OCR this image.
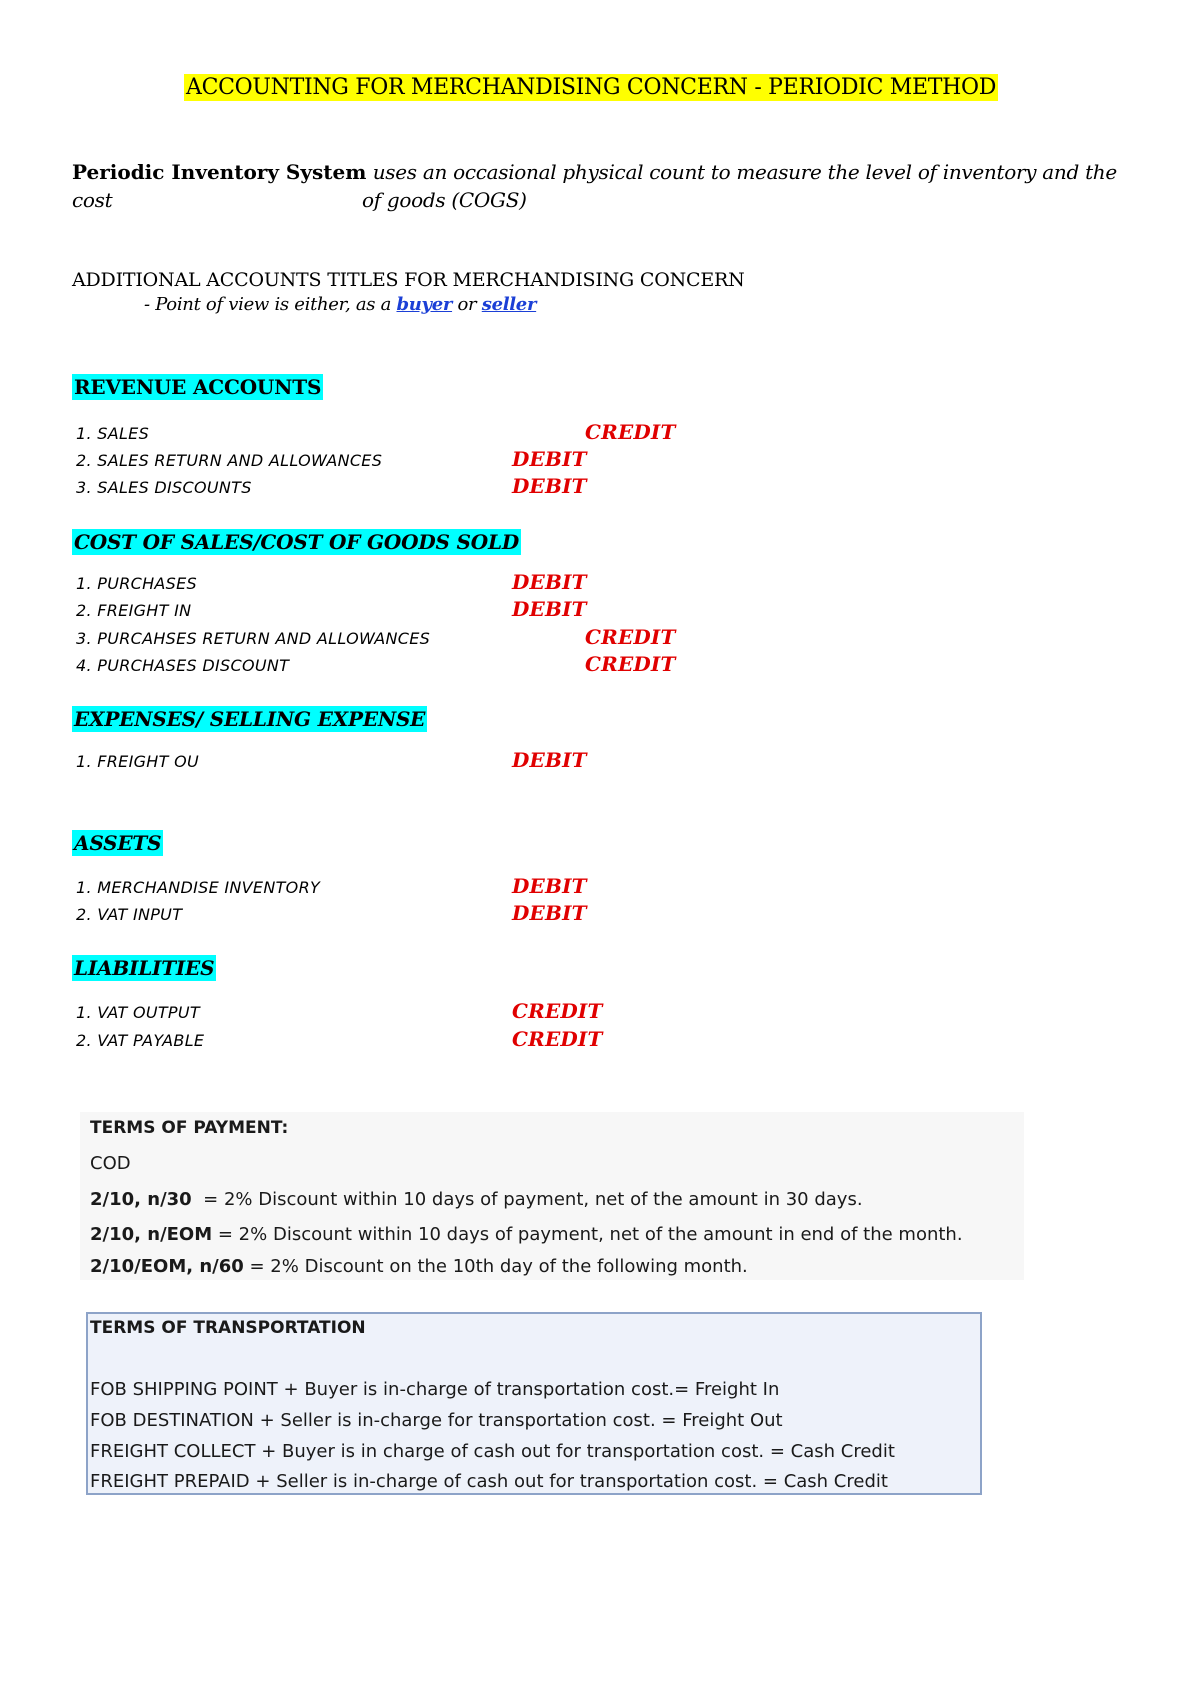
ACCOUNTING FOR MERCHANDISING CONCERN - PERIODIC METHOD
Periodic Inventory System uses an occasional physical count to measure the level of inventory and the
cost	of goods (COGS)
ADDITIONAL ACCOUNTS TITLES FOR MERCHANDISING CONCERN
- Point of view is either, as a buyer or seller
REVENUE ACCOUNTS
1. SALES	CREDIT
2. SALES RETURN AND ALLOWANCES	DEBIT
3. SALES DISCOUNTS	DEBIT
COST OF SALES/COST OF GOODS SOLD
1. PURCHASES	DEBIT
2. FREIGHT IN	DEBIT
3. PURCAHSES RETURN AND ALLOWANCES	CREDIT
4. PURCHASES DISCOUNT	CREDIT
EXPENSES/ SELLING EXPENSE
1. FREIGHT OU	DEBIT
ASSETS
1. MERCHANDISE INVENTORY	DEBIT
2. VAT INPUT	DEBIT
LIABILITIES
1. VAT OUTPUT	CREDIT
2. VAT PAYABLE	CREDIT
TERMS OF PAYMENT:
COD
2/10, n/30  = 2% Discount within 10 days of payment, net of the amount in 30 days.
2/10, n/EOM = 2% Discount within 10 days of payment, net of the amount in end of the month.
2/10/EOM, n/60 = 2% Discount on the 10th day of the following month.
TERMS OF TRANSPORTATION
FOB SHIPPING POINT + Buyer is in-charge of transportation cost.= Freight In
FOB DESTINATION + Seller is in-charge for transportation cost. = Freight Out
FREIGHT COLLECT + Buyer is in charge of cash out for transportation cost. = Cash Credit
FREIGHT PREPAID + Seller is in-charge of cash out for transportation cost. = Cash Credit
